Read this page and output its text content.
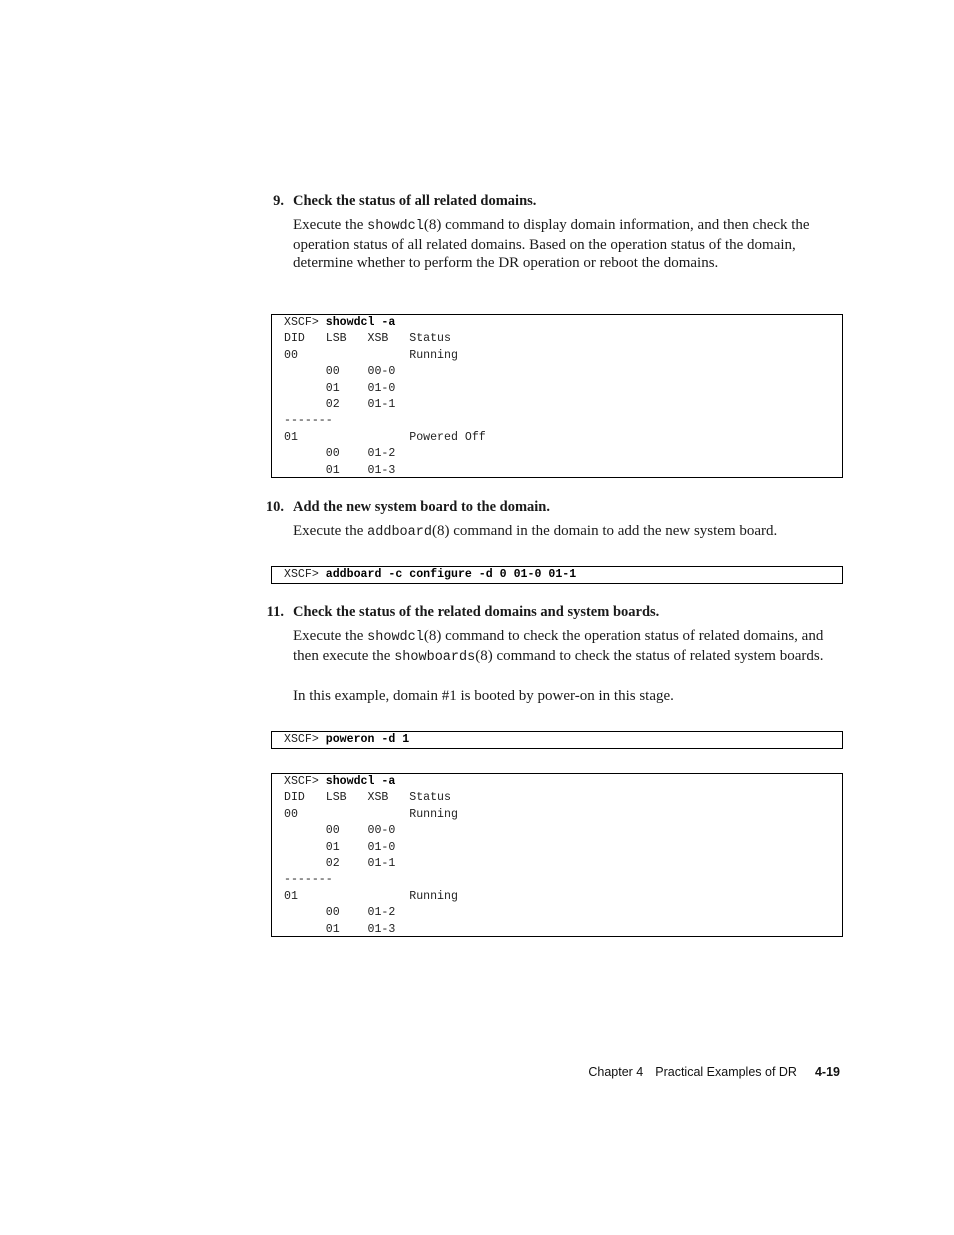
9. Check the status of all related domains.
Execute the showdcl(8) command to display domain information, and then check the operation status of all related domains. Based on the operation status of the domain, determine whether to perform the DR operation or reboot the domains.
XSCF> showdcl -a
DID   LSB   XSB   Status
00                Running
00    00-0
01    01-0
02    01-1
-------
01                Powered Off
00    01-2
01    01-3
10. Add the new system board to the domain.
Execute the addboard(8) command in the domain to add the new system board.
XSCF> addboard -c configure -d 0 01-0 01-1
11. Check the status of the related domains and system boards.
Execute the showdcl(8) command to check the operation status of related domains, and then execute the showboards(8) command to check the status of related system boards.
In this example, domain #1 is booted by power-on in this stage.
XSCF> poweron -d 1
XSCF> showdcl -a
DID   LSB   XSB   Status
00                Running
00    00-0
01    01-0
02    01-1
-------
01                Running
00    01-2
01    01-3
Chapter 4 Practical Examples of DR 4-19
